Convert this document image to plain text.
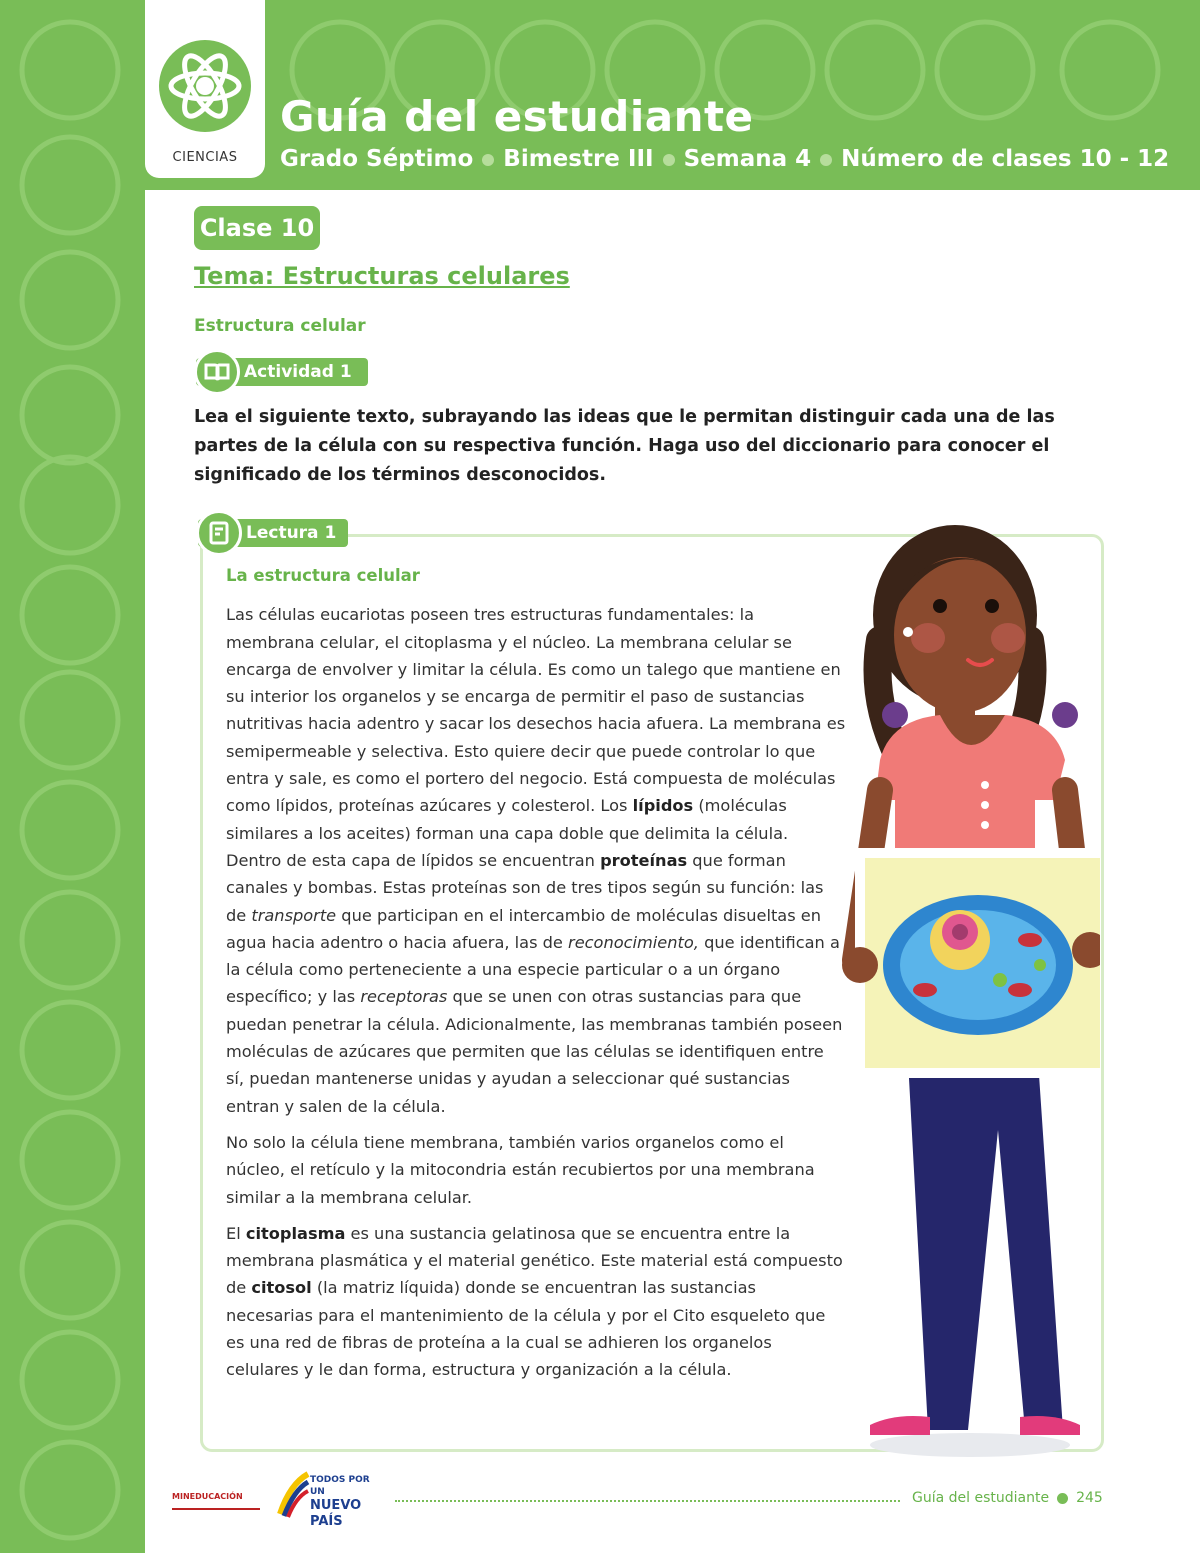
CIENCIAS
Guía del estudiante
Grado Séptimo Bimestre III Semana 4 Número de clases 10 - 12
Clase 10
Tema: Estructuras celulares
Estructura celular
Actividad 1
Lea el siguiente texto, subrayando las ideas que le permitan distinguir cada una de las partes de la célula con su respectiva función. Haga uso del diccionario para conocer el significado de los términos desconocidos.
Lectura 1
La estructura celular

Las células eucariotas poseen tres estructuras fundamentales: la membrana celular, el citoplasma y el núcleo. La membrana celular se encarga de envolver y limitar la célula. Es como un talego que mantiene en su interior los organelos y se encarga de permitir el paso de sustancias nutritivas hacia adentro y sacar los desechos hacia afuera. La membrana es semipermeable y selectiva. Esto quiere decir que puede controlar lo que entra y sale, es como el portero del negocio. Está compuesta de moléculas como lípidos, proteínas azúcares y colesterol. Los lípidos (moléculas similares a los aceites) forman una capa doble que delimita la célula. Dentro de esta capa de lípidos se encuentran proteínas que forman canales y bombas. Estas proteínas son de tres tipos según su función: las de transporte que participan en el intercambio de moléculas disueltas en agua hacia adentro o hacia afuera, las de reconocimiento, que identifican a la célula como perteneciente a una especie particular o a un órgano específico; y las receptoras que se unen con otras sustancias para que puedan penetrar la célula. Adicionalmente, las membranas también poseen moléculas de azúcares que permiten que las células se identifiquen entre sí, puedan mantenerse unidas y ayudan a seleccionar qué sustancias entran y salen de la célula.

No solo la célula tiene membrana, también varios organelos como el núcleo, el retículo y la mitocondria están recubiertos por una membrana similar a la membrana celular.

El citoplasma es una sustancia gelatinosa que se encuentra entre la membrana plasmática y el material genético. Este material está compuesto de citosol (la matriz líquida) donde se encuentran las sustancias necesarias para el mantenimiento de la célula y por el Cito esqueleto que es una red de fibras de proteína a la cual se adhieren los organelos celulares y le dan forma, estructura y organización a la célula.

MINEDUCACIÓN
TODOS POR UN
NUEVO PAÍS
Guía del estudiante 245
